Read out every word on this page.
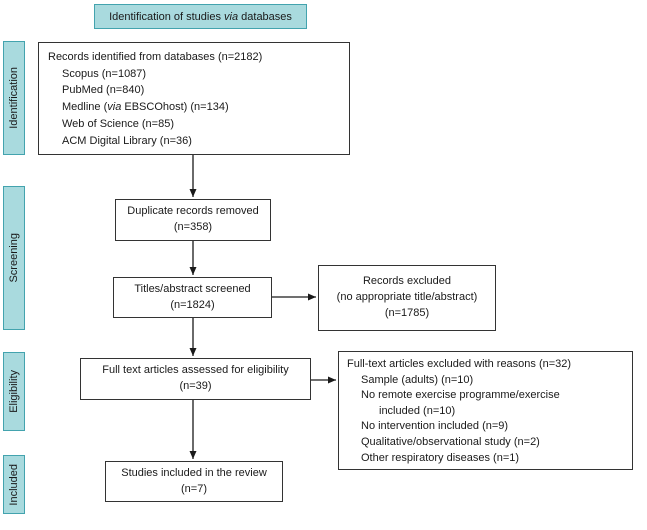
Identification of studies via databases
Identification
Screening
Eligibility
Included
Records identified from databases (n=2182)
Scopus (n=1087)
PubMed (n=840)
Medline (via EBSCOhost) (n=134)
Web of Science (n=85)
ACM Digital Library (n=36)
Duplicate records removed
(n=358)
Titles/abstract screened
(n=1824)
Records excluded
(no appropriate title/abstract)
(n=1785)
Full text articles assessed for eligibility
(n=39)
Full-text articles excluded with reasons (n=32)
Sample (adults) (n=10)
No remote exercise programme/exercise
included (n=10)
No intervention included (n=9)
Qualitative/observational study (n=2)
Other respiratory diseases (n=1)
Studies included in the review
(n=7)
